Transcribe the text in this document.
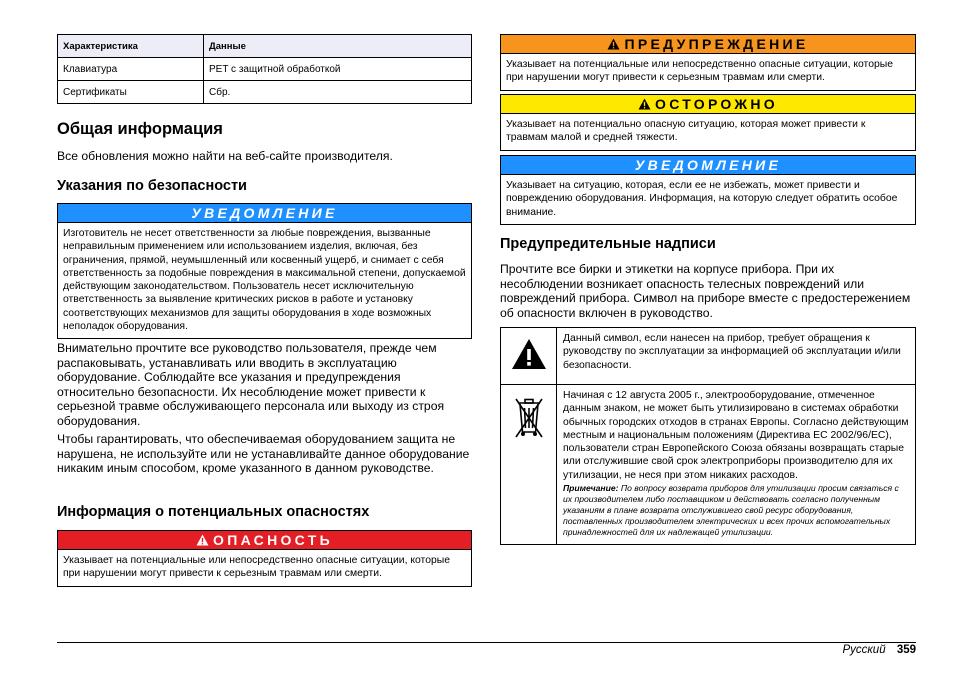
Характеристика	Данные
Клавиатура	PET с защитной обработкой
Сертификаты	Сбр.
Общая информация
Все обновления можно найти на веб-сайте производителя.
Указания по безопасности
УВЕДОМЛЕНИЕ
Изготовитель не несет ответственности за любые повреждения, вызванные неправильным применением или использованием изделия, включая, без ограничения, прямой, неумышленный или косвенный ущерб, и снимает с себя ответственность за подобные повреждения в максимальной степени, допускаемой действующим законодательством. Пользователь несет исключительную ответственность за выявление критических рисков в работе и установку соответствующих механизмов для защиты оборудования в ходе возможных неполадок оборудования.
Внимательно прочтите все руководство пользователя, прежде чем распаковывать, устанавливать или вводить в эксплуатацию оборудование. Соблюдайте все указания и предупреждения относительно безопасности. Их несоблюдение может привести к серьезной травме обслуживающего персонала или выходу из строя оборудования.
Чтобы гарантировать, что обеспечиваемая оборудованием защита не нарушена, не используйте или не устанавливайте данное оборудование никаким иным способом, кроме указанного в данном руководстве.
Информация о потенциальных опасностях
ОПАСНОСТЬ
Указывает на потенциальные или непосредственно опасные ситуации, которые при нарушении могут привести к серьезным травмам или смерти.
ПРЕДУПРЕЖДЕНИЕ
Указывает на потенциальные или непосредственно опасные ситуации, которые при нарушении могут привести к серьезным травмам или смерти.
ОСТОРОЖНО
Указывает на потенциально опасную ситуацию, которая может привести к травмам малой и средней тяжести.
УВЕДОМЛЕНИЕ
Указывает на ситуацию, которая, если ее не избежать, может привести и повреждению оборудования. Информация, на которую следует обратить особое внимание.
Предупредительные надписи
Прочтите все бирки и этикетки на корпусе прибора. При их несоблюдении возникает опасность телесных повреждений или повреждений прибора. Символ на приборе вместе с предостережением об опасности включен в руководство.
Данный символ, если нанесен на прибор, требует обращения к руководству по эксплуатации за информацией об эксплуатации и/или безопасности.
Начиная с 12 августа 2005 г., электрооборудование, отмеченное данным знаком, не может быть утилизировано в системах обработки обычных городских отходов в странах Европы. Согласно действующим местным и национальным положениям (Директива ЕС 2002/96/EC), пользователи стран Европейского Союза обязаны возвращать старые или отслужившие свой срок электроприборы производителю для их утилизации, не неся при этом никаких расходов.
Примечание: По вопросу возврата приборов для утилизации просим связаться с их производителем либо поставщиком и действовать согласно полученным указаниям в плане возврата отслужившего свой ресурс оборудования, поставленных производителем электрических и всех прочих вспомогательных принадлежностей для их надлежащей утилизации.
Русский 359
